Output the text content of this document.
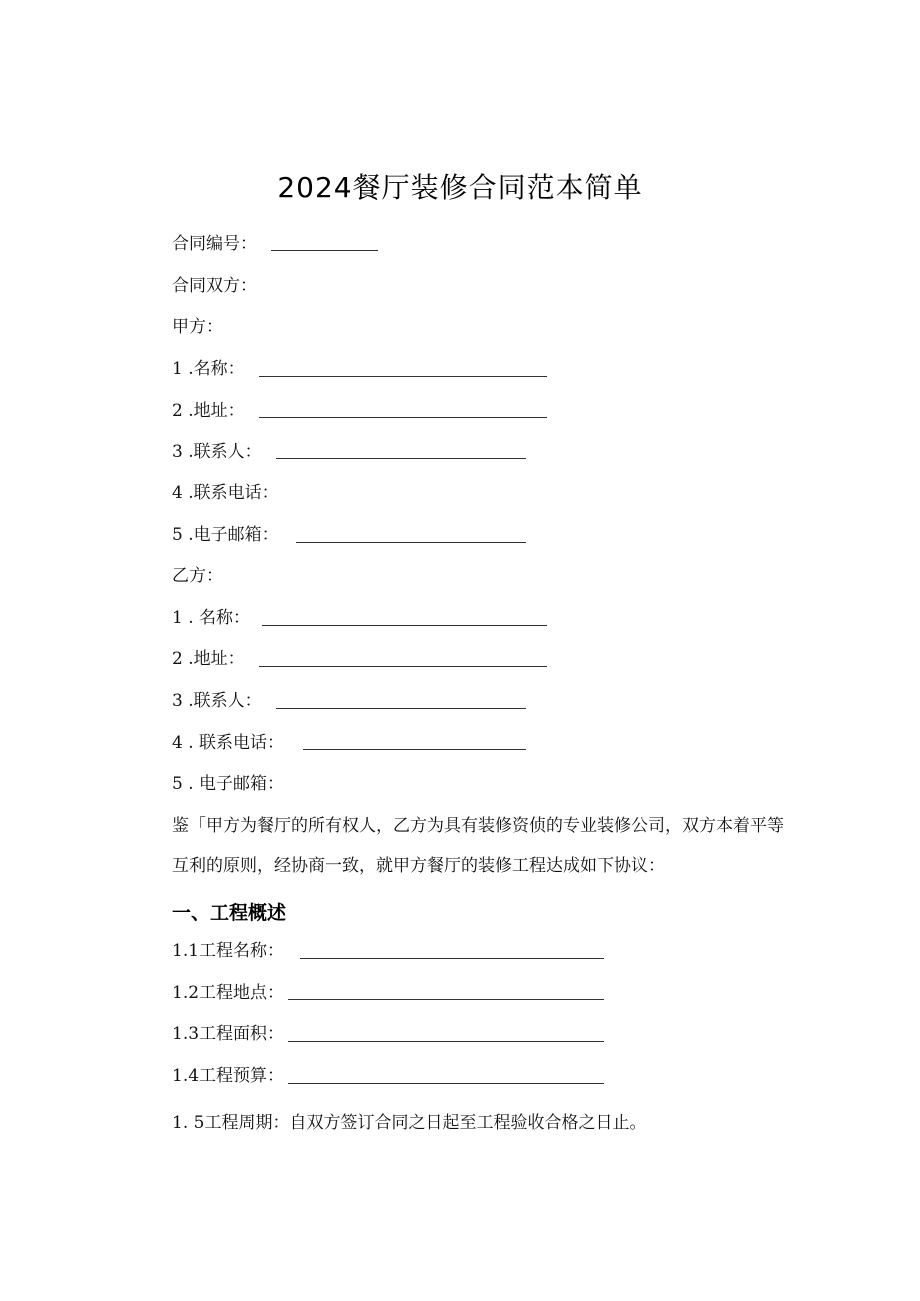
2024餐厅装修合同范本简单
合同编号：
合同双方：
甲方：
1 .名称：
2 .地址：
3 .联系人：
4 .联系电话：
5 .电子邮箱：
乙方：
1 . 名称：
2 .地址：
3 .联系人：
4 . 联系电话：
5 . 电子邮箱：
鉴「甲方为餐厅的所有权人，乙方为具有装修资侦的专业装修公司，双方本着平等互利的原则，经协商一致，就甲方餐厅的装修工程达成如下协议：
一、工程概述
1.1工程名称：
1.2工程地点：
1.3工程面积：
1.4工程预算：
1. 5工程周期：自双方签订合同之日起至工程验收合格之日止。
